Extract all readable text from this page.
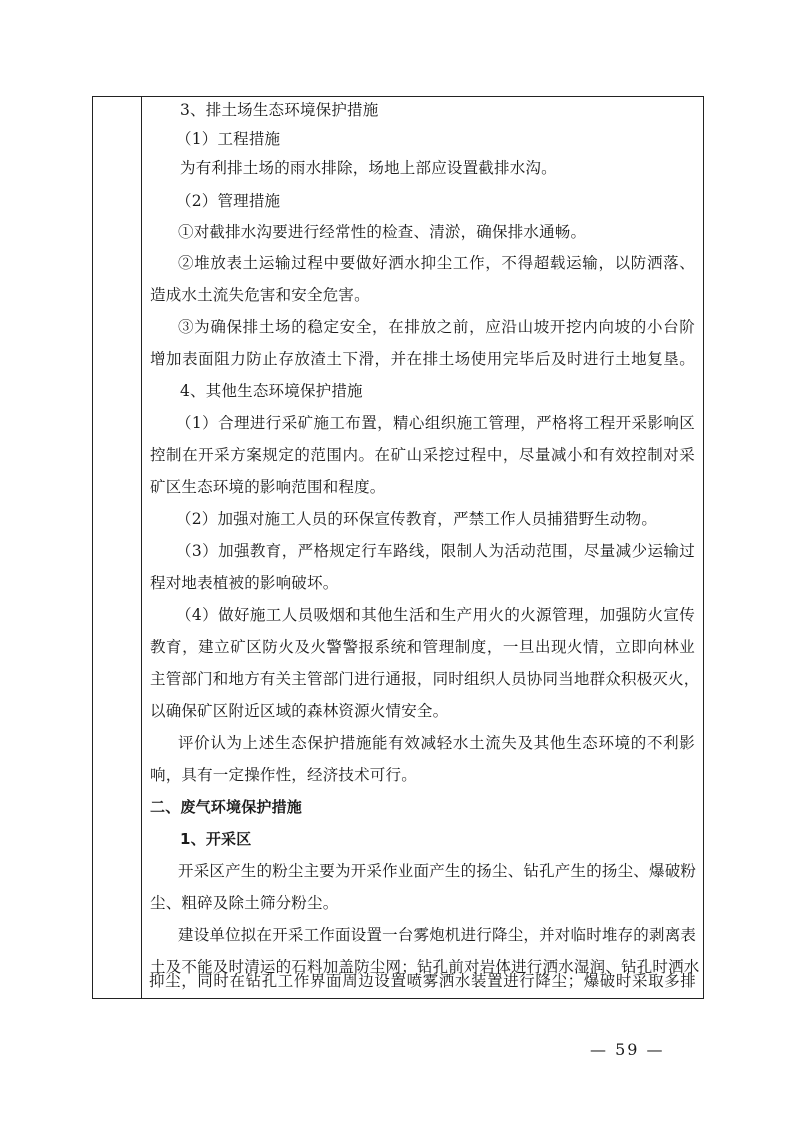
3、排土场生态环境保护措施
（1）工程措施
为有利排土场的雨水排除，场地上部应设置截排水沟。
（2）管理措施
①对截排水沟要进行经常性的检查、清淤，确保排水通畅。
②堆放表土运输过程中要做好洒水抑尘工作，不得超载运输，以防洒落、
造成水土流失危害和安全危害。
③为确保排土场的稳定安全，在排放之前，应沿山坡开挖内向坡的小台阶
增加表面阻力防止存放渣土下滑，并在排土场使用完毕后及时进行土地复垦。
4、其他生态环境保护措施
（1）合理进行采矿施工布置，精心组织施工管理，严格将工程开采影响区
控制在开采方案规定的范围内。在矿山采挖过程中，尽量减小和有效控制对采
矿区生态环境的影响范围和程度。
（2）加强对施工人员的环保宣传教育，严禁工作人员捕猎野生动物。
（3）加强教育，严格规定行车路线，限制人为活动范围，尽量减少运输过
程对地表植被的影响破坏。
（4）做好施工人员吸烟和其他生活和生产用火的火源管理，加强防火宣传
教育，建立矿区防火及火警警报系统和管理制度，一旦出现火情，立即向林业
主管部门和地方有关主管部门进行通报，同时组织人员协同当地群众积极灭火，
以确保矿区附近区域的森林资源火情安全。
评价认为上述生态保护措施能有效减轻水土流失及其他生态环境的不利影
响，具有一定操作性，经济技术可行。
二、废气环境保护措施
1、开采区
开采区产生的粉尘主要为开采作业面产生的扬尘、钻孔产生的扬尘、爆破粉
尘、粗碎及除土筛分粉尘。
建设单位拟在开采工作面设置一台雾炮机进行降尘，并对临时堆存的剥离表
土及不能及时清运的石料加盖防尘网；钻孔前对岩体进行洒水湿润、钻孔时洒水
抑尘，同时在钻孔工作界面周边设置喷雾洒水装置进行降尘；爆破时采取多排
— 59 —
